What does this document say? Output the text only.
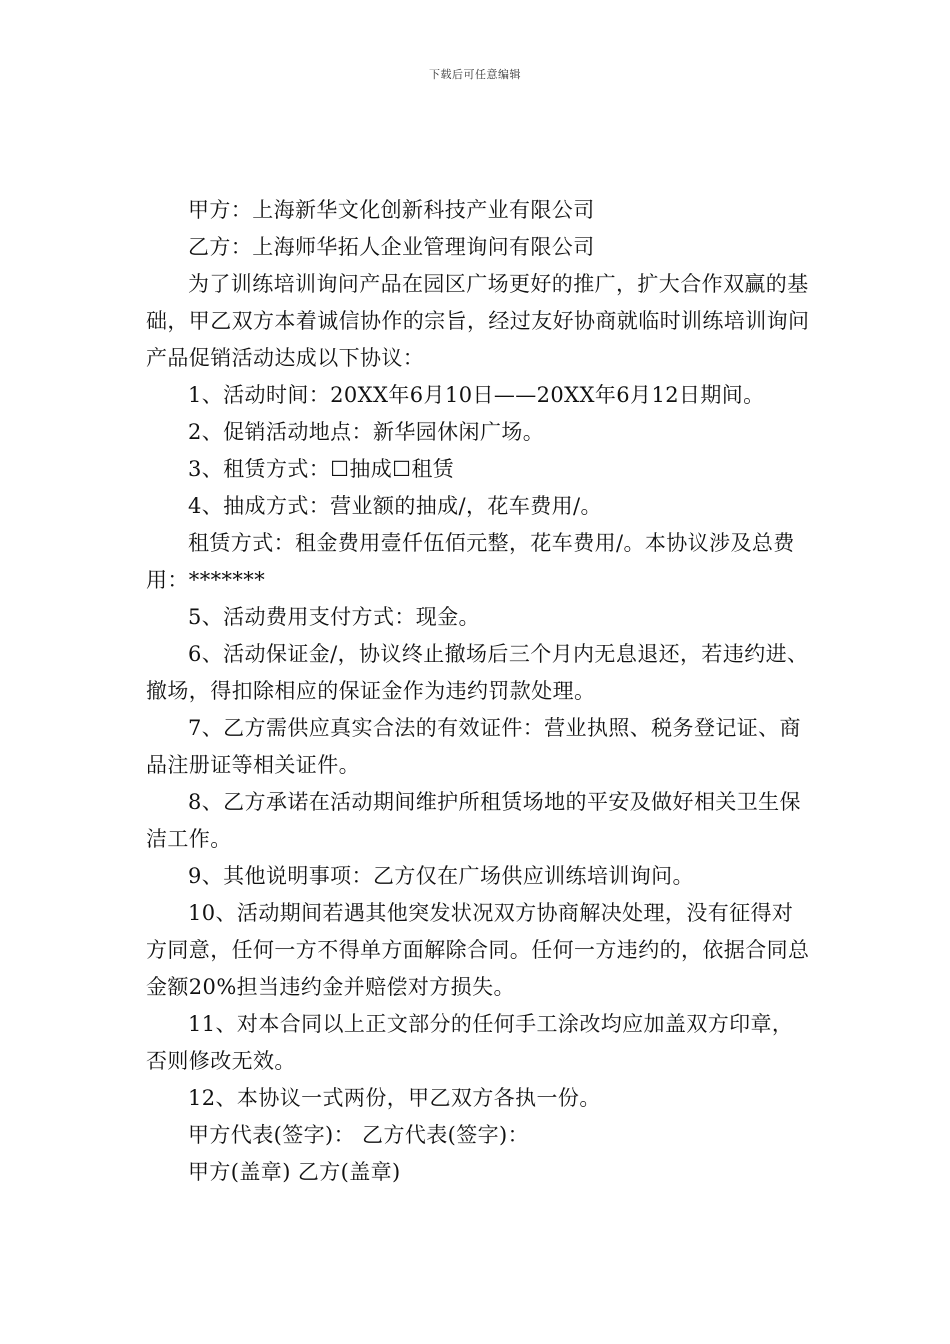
下载后可任意编辑

甲方：上海新华文化创新科技产业有限公司

乙方：上海师华拓人企业管理询问有限公司

为了训练培训询问产品在园区广场更好的推广，扩大合作双赢的基础，甲乙双方本着诚信协作的宗旨，经过友好协商就临时训练培训询问产品促销活动达成以下协议：

1、活动时间：20XX年6月10日——20XX年6月12日期间。

2、促销活动地点：新华园休闲广场。

3、租赁方式：☐抽成☐租赁

4、抽成方式：营业额的抽成/，花车费用/。

租赁方式：租金费用壹仟伍佰元整，花车费用/。本协议涉及总费用：*******

5、活动费用支付方式：现金。

6、活动保证金/，协议终止撤场后三个月内无息退还，若违约进、撤场，得扣除相应的保证金作为违约罚款处理。

7、乙方需供应真实合法的有效证件：营业执照、税务登记证、商品注册证等相关证件。

8、乙方承诺在活动期间维护所租赁场地的平安及做好相关卫生保洁工作。

9、其他说明事项：乙方仅在广场供应训练培训询问。

10、活动期间若遇其他突发状况双方协商解决处理，没有征得对方同意，任何一方不得单方面解除合同。任何一方违约的，依据合同总金额20%担当违约金并赔偿对方损失。

11、对本合同以上正文部分的任何手工涂改均应加盖双方印章，否则修改无效。

12、本协议一式两份，甲乙双方各执一份。

甲方代表(签字)： 乙方代表(签字)：

甲方(盖章) 乙方(盖章)
